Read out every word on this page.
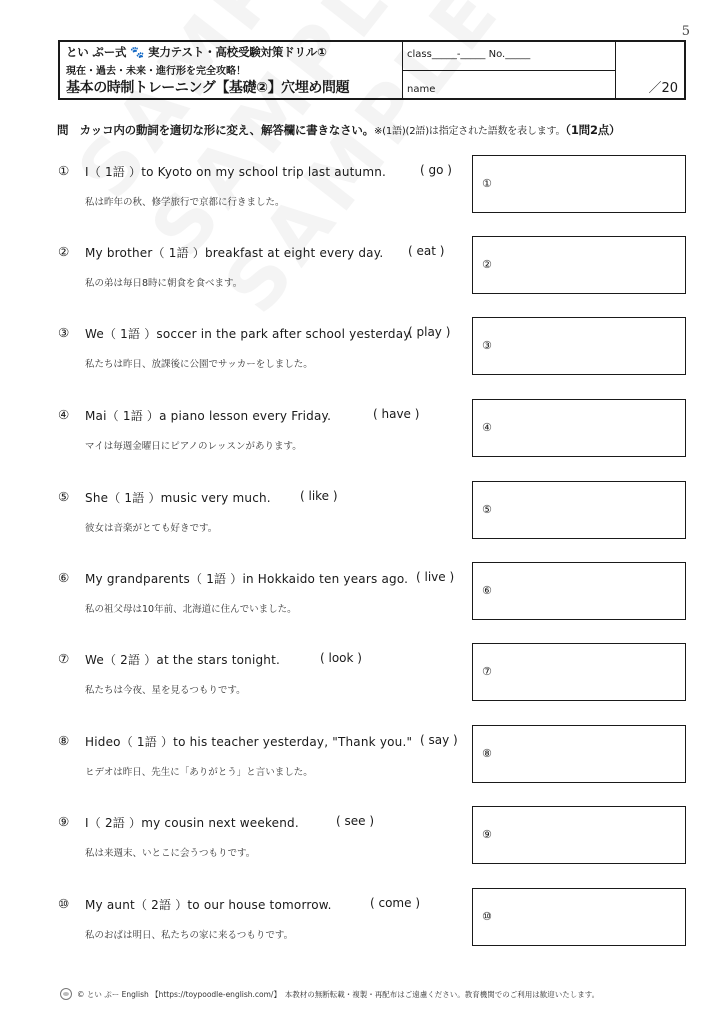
5
とい ぷー式 🐾 実力テスト・高校受験対策ドリル①
現在・過去・未来・進行形を完全攻略！
基本の時制トレーニング【基礎②】穴埋め問題
class_____-_____ No._____
name	／20
問　カッコ内の動詞を適切な形に変え、解答欄に書きなさい。※(1語)(2語)は指定された語数を表します。（1問2点）
① I（ 1語 ）to Kyoto on my school trip last autumn.	( go )
私は昨年の秋、修学旅行で京都に行きました。
①
② My brother（ 1語 ）breakfast at eight every day. ( eat )
私の弟は毎日8時に朝食を食べます。
②
③ We（ 1語 ）soccer in the park after school yesterday.
( play )
私たちは昨日、放課後に公園でサッカーをしました。
③
④ Mai（ 1語 ）a piano lesson every Friday.	( have )
マイは毎週金曜日にピアノのレッスンがあります。
④
⑤ She（ 1語 ）music very much. ( like )
彼女は音楽がとても好きです。
⑤
⑥ My grandparents（ 1語 ）in Hokkaido ten years ago. ( live )
私の祖父母は10年前、北海道に住んでいました。
⑥
⑦ We（ 2語 ）at the stars tonight.	( look )
私たちは今夜、星を見るつもりです。
⑦
⑧ Hideo（ 1語 ）to his teacher yesterday, "Thank you." ( say )
ヒデオは昨日、先生に「ありがとう」と言いました。
⑧
⑨ I（ 2語 ）my cousin next weekend.	( see )
私は来週末、いとこに会うつもりです。
⑨
⑩ My aunt（ 2語 ）to our house tomorrow.	( come )
私のおばは明日、私たちの家に来るつもりです。
⑩
© とい ぷー English 【https://toypoodle-english.com/】　本教材の無断転載・複製・再配布はご遠慮ください。教育機関でのご利用は歓迎いたします。
